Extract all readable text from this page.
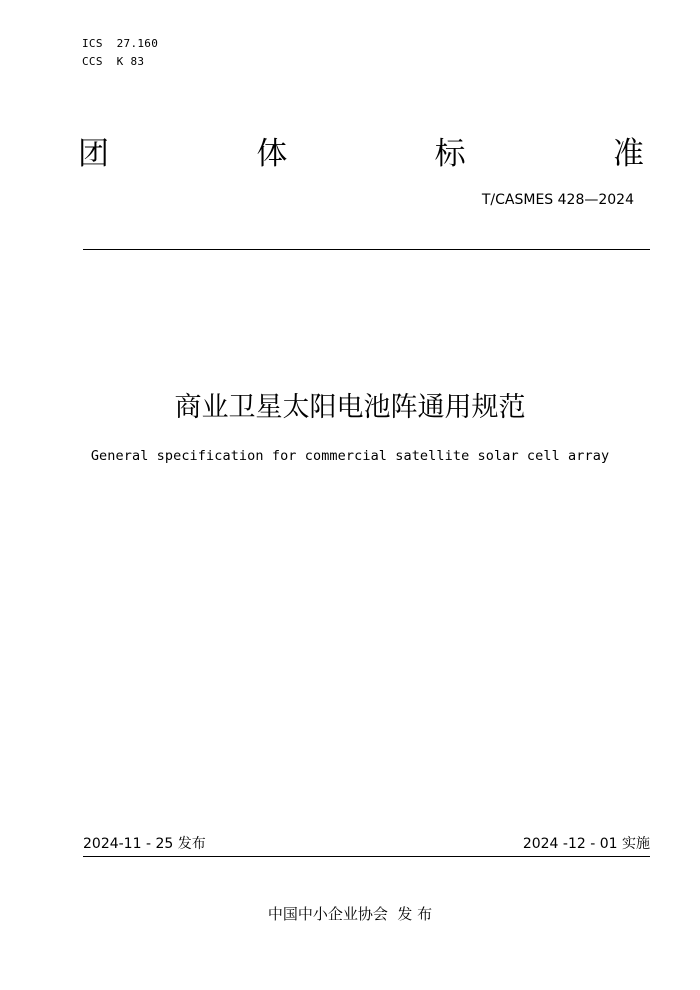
ICS  27.160
CCS  K 83
团	体	标	准
T/CASMES 428—2024
商业卫星太阳电池阵通用规范
General specification for commercial satellite solar cell array
2024-11 - 25 发布	2024 -12 - 01 实施
中国中小企业协会  发 布
